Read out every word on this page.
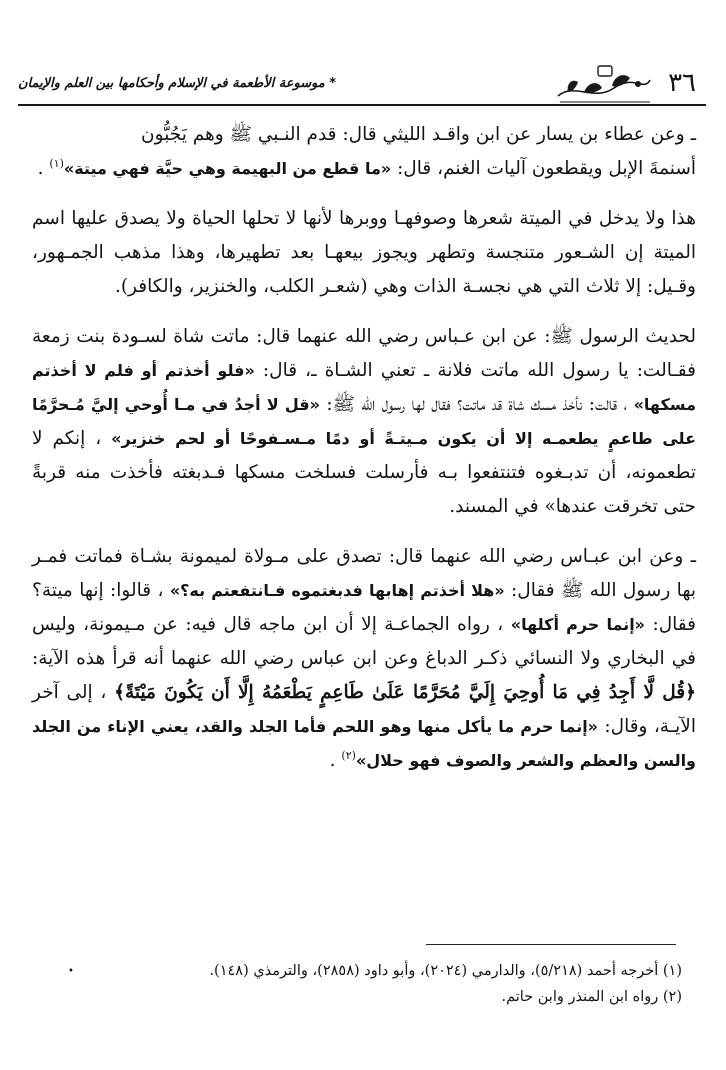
٣٦
* موسوعة الأطعمة في الإسلام وأحكامها بين العلم والإيمان

ـ وعن عطاء بن يسار عن ابن واقـد الليثي قال: قدم النـبي ﷺ وهم يَجُبُّون

أسنمةَ الإبل ويقطعون آليات الغنم، قال: «ما قطع من البهيمة وهي حيَّة فهي ميتة»$^{(١)}$ .

هذا ولا يدخل في الميتة شعرها وصوفهـا ووبرها لأنها لا تحلها الحياة ولا يصدق عليها اسم الميتة إن الشـعور متنجسة وتطهر ويجوز بيعهـا بعد تطهيرها، وهذا مذهب الجمـهور، وقـيل: إلا ثلاث التي هي نجسـة الذات وهي (شعـر الكلب، والخنزير، والكافر).

لحديث الرسول ﷺ: عن ابن عـباس رضي الله عنهما قال: ماتت شاة لسـودة بنت زمعة فقـالت: يا رسول الله ماتت فلانة ـ تعني الشـاة ـ، قال: «فلو أخذتم أو فلم لا أخذتم مسكها» ، قالت: نأخذ مسك شاة قد ماتت؟ فقال لها رسول الله ﷺ: «قل لا أجدُ في مـا أُوحي إليَّ مُـحرَّمًا على طاعمٍ يطعمـه إلا أن يكون مـيتـةً أو دمًا مـسـفوحًا أو لحم خنزير» ، إنكم لا تطعمونه، أن تدبـغوه فتنتفعوا بـه فأرسلت فسلخت مسكها فـدبغته فأخذت منه قربةً حتى تخرقت عندها» في المسند.

ـ وعن ابن عبـاس رضي الله عنهما قال: تصدق على مـولاة لميمونة بشـاة فماتت فمـر بها رسول الله ﷺ فقال: «هلا أخذتم إهابها فدبغتموه فـانتفعتم به؟» ، قالوا: إنها ميتة؟ فقال: «إنما حرم أكلها» ، رواه الجماعـة إلا أن ابن ماجه قال فيه: عن مـيمونة، وليس في البخاري ولا النسائي ذكـر الدباغ وعن ابن عباس رضي الله عنهما أنه قرأ هذه الآية: ﴿قُل لَّا أَجِدُ فِي مَا أُوحِيَ إِلَيَّ مُحَرَّمًا عَلَىٰ طَاعِمٍ يَطْعَمُهُ إِلَّا أَن يَكُونَ مَيْتَةً﴾ ، إلى آخر الآيـة، وقال: «إنما حرم ما يأكل منها وهو اللحم فأما الجلد والقد، يعني الإناء من الجلد والسن والعظم والشعر والصوف فهو حلال»$^{(٢)}$ .

(١) أخرجه أحمد (٥/٢١٨)، والدارمي (٢٠٢٤)، وأبو داود (٢٨٥٨)، والترمذي (١٤٨).

(٢) رواه ابن المنذر وابن حاتم.

•
